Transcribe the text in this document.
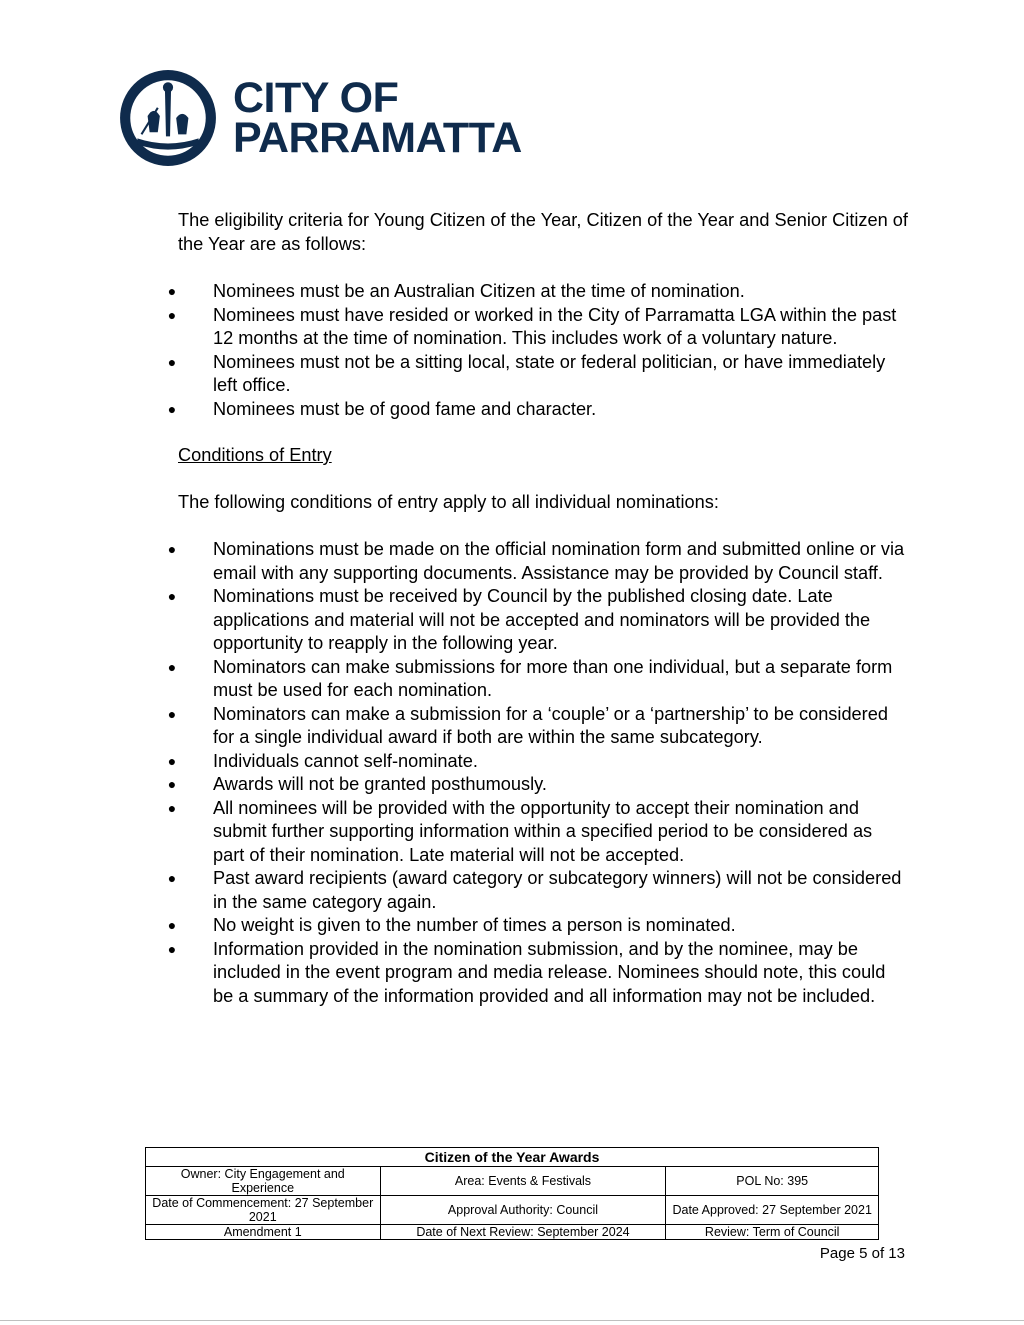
CITY OF
PARRAMATTA

The eligibility criteria for Young Citizen of the Year, Citizen of the Year and Senior Citizen of the Year are as follows:

● Nominees must be an Australian Citizen at the time of nomination.
● Nominees must have resided or worked in the City of Parramatta LGA within the past 12 months at the time of nomination. This includes work of a voluntary nature.
● Nominees must not be a sitting local, state or federal politician, or have immediately left office.
● Nominees must be of good fame and character.

Conditions of Entry

The following conditions of entry apply to all individual nominations:

● Nominations must be made on the official nomination form and submitted online or via email with any supporting documents. Assistance may be provided by Council staff.
● Nominations must be received by Council by the published closing date. Late applications and material will not be accepted and nominators will be provided the opportunity to reapply in the following year.
● Nominators can make submissions for more than one individual, but a separate form must be used for each nomination.
● Nominators can make a submission for a ‘couple’ or a ‘partnership’ to be considered for a single individual award if both are within the same subcategory.
● Individuals cannot self-nominate.
● Awards will not be granted posthumously.
● All nominees will be provided with the opportunity to accept their nomination and submit further supporting information within a specified period to be considered as part of their nomination. Late material will not be accepted.
● Past award recipients (award category or subcategory winners) will not be considered in the same category again.
● No weight is given to the number of times a person is nominated.
● Information provided in the nomination submission, and by the nominee, may be included in the event program and media release. Nominees should note, this could be a summary of the information provided and all information may not be included.
Citizen of the Year Awards		
Owner: City Engagement and Experience	Area: Events & Festivals	POL No: 395
Date of Commencement: 27 September 2021	Approval Authority: Council	Date Approved: 27 September 2021
Amendment 1	Date of Next Review: September 2024	Review: Term of Council
Page 5 of 13
